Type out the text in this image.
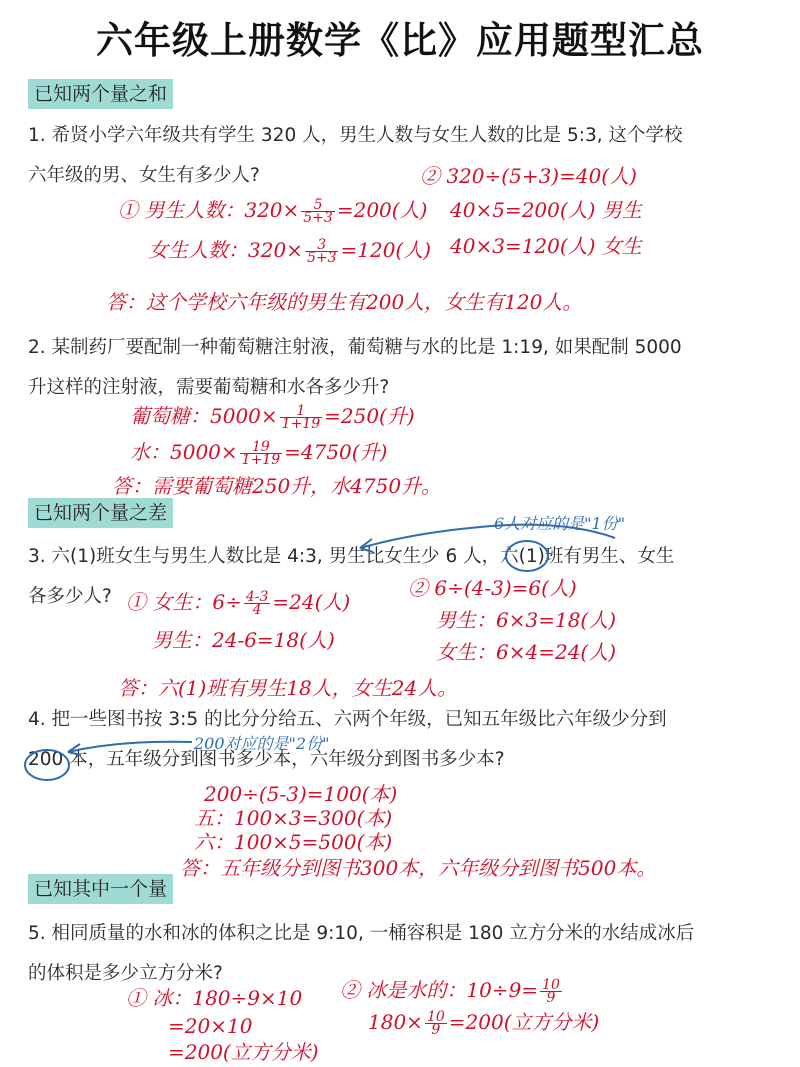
六年级上册数学《比》应用题型汇总
已知两个量之和
1. 希贤小学六年级共有学生 320 人，男生人数与女生人数的比是 5:3, 这个学校
六年级的男、女生有多少人?
① 男生人数：$320\times \frac{5}{5+3} =200$(人)
女生人数：$320\times \frac{3}{5+3} =120$(人)
② 320÷(5+3)=40(人)
40×5=200(人) 男生
40×3=120(人) 女生
答：这个学校六年级的男生有200人，女生有120人。
2. 某制药厂要配制一种葡萄糖注射液，葡萄糖与水的比是 1:19, 如果配制 5000
升这样的注射液，需要葡萄糖和水各多少升?
葡萄糖：$5000\times \frac{1}{1+19} =250$(升)
水：$5000\times \frac{19}{1+19} =4750$(升)
答：需要葡萄糖250升，水4750升。
已知两个量之差	6人对应的是"1份"
3. 六(1)班女生与男生人数比是 4:3, 男生比女生少 6 人，六(1)班有男生、女生
各多少人? ① 女生：$6\div \frac{4-3}{4} =24$(人)
男生：24-6=18(人)
② 6÷(4-3)=6(人)
男生：6×3=18(人)
女生：6×4=24(人)
答：六(1)班有男生18人，女生24人。
4. 把一些图书按 3:5 的比分分给五、六两个年级，已知五年级比六年级少分到
200 本，五年级分到图书多少本，六年级分到图书多少本?
200对应的是"2份"
200÷(5-3)=100(本)
五：100×3=300(本)
六：100×5=500(本)
答：五年级分到图书300本，六年级分到图书500本。
已知其中一个量
5. 相同质量的水和冰的体积之比是 9:10, 一桶容积是 180 立方分米的水结成冰后
的体积是多少立方分米?
① 冰：180÷9×10
=20×10
=200(立方分米)
② 冰是水的：$10\div 9= \frac{10}{9}$
$180\times \frac{10}{9} =200$(立方分米)
